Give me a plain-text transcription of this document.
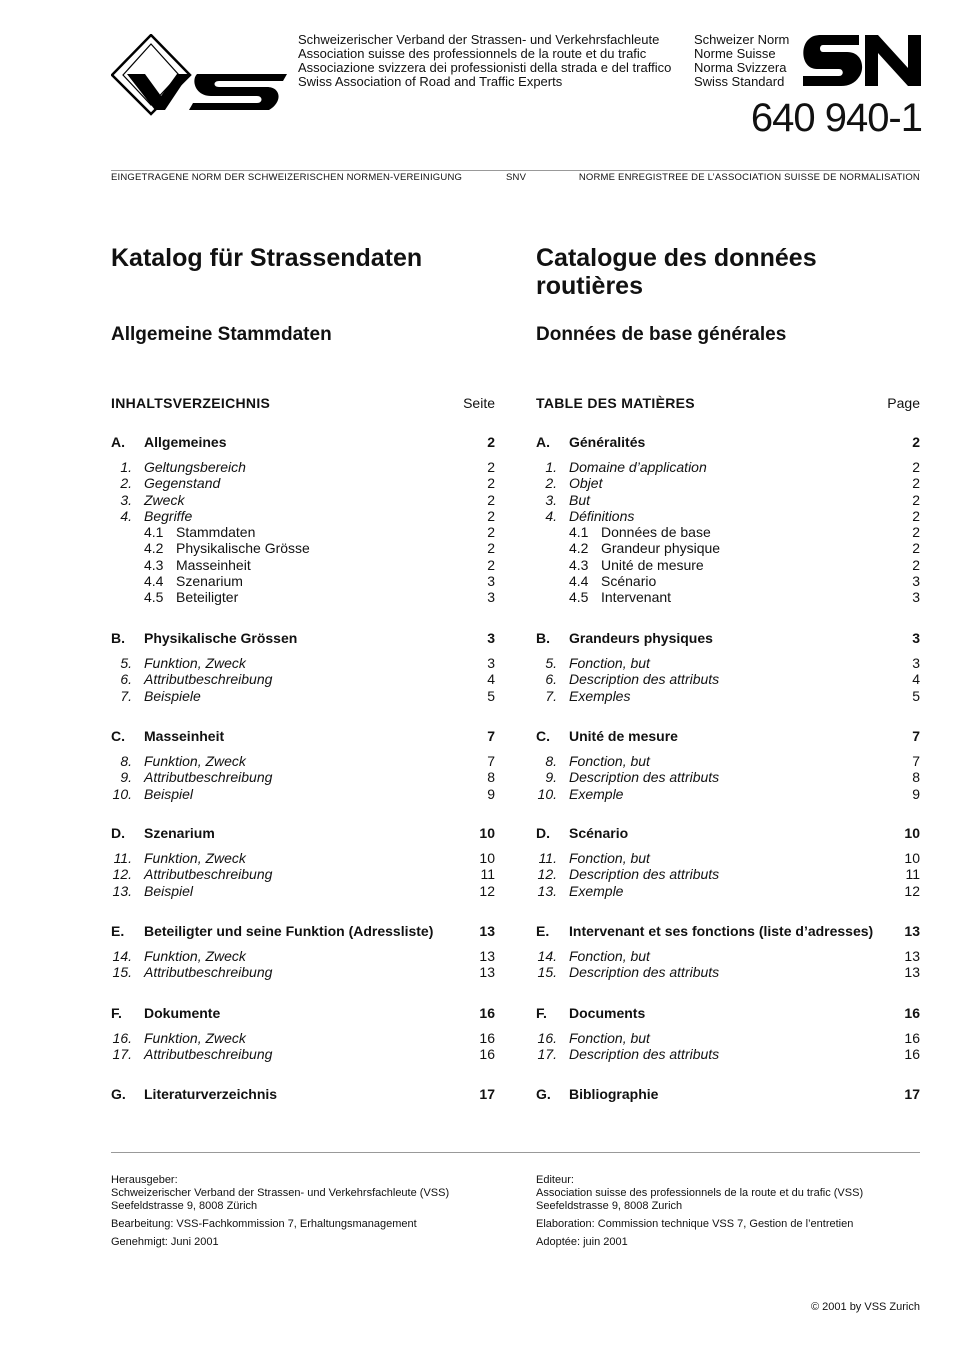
Schweizerischer Verband der Strassen- und Verkehrsfachleute
Association suisse des professionnels de la route et du trafic
Associazione svizzera dei professionisti della strada e del traffico
Swiss Association of Road and Traffic Experts
Schweizer Norm
Norme Suisse
Norma Svizzera
Swiss Standard
640 940-1
EINGETRAGENE NORM DER SCHWEIZERISCHEN NORMEN-VEREINIGUNG	SNV	NORME ENREGISTREE DE L’ASSOCIATION SUISSE DE NORMALISATION
Katalog für Strassendaten
Allgemeine Stammdaten
Catalogue des données routières
Données de base générales
INHALTSVERZEICHNIS	Seite	TABLE DES MATIÈRES	Page
A. Allgemeines	2
1. Geltungsbereich	2
2. Gegenstand	2
3. Zweck	2
4. Begriffe	2
4.1 Stammdaten	2
4.2 Physikalische Grösse	2
4.3 Masseinheit	2
4.4 Szenarium	3
4.5 Beteiligter	3
B. Physikalische Grössen	3
5. Funktion, Zweck	3
6. Attributbeschreibung	4
7. Beispiele	5
C. Masseinheit	7
8. Funktion, Zweck	7
9. Attributbeschreibung	8
10. Beispiel	9
D. Szenarium	10
11. Funktion, Zweck	10
12. Attributbeschreibung	11
13. Beispiel	12
E. Beteiligter und seine Funktion (Adressliste)	13
14. Funktion, Zweck	13
15. Attributbeschreibung	13
F. Dokumente	16
16. Funktion, Zweck	16
17. Attributbeschreibung	16
G. Literaturverzeichnis	17
A. Généralités	2
1. Domaine d’application	2
2. Objet	2
3. But	2
4. Définitions	2
4.1 Données de base	2
4.2 Grandeur physique	2
4.3 Unité de mesure	2
4.4 Scénario	3
4.5 Intervenant	3
B. Grandeurs physiques	3
5. Fonction, but	3
6. Description des attributs	4
7. Exemples	5
C. Unité de mesure	7
8. Fonction, but	7
9. Description des attributs	8
10. Exemple	9
D. Scénario	10
11. Fonction, but	10
12. Description des attributs	11
13. Exemple	12
E. Intervenant et ses fonctions (liste d’adresses) 13
14. Fonction, but	13
15. Description des attributs	13
F. Documents	16
16. Fonction, but	16
17. Description des attributs	16
G. Bibliographie	17

Herausgeber:

Schweizerischer Verband der Strassen- und Verkehrsfachleute (VSS)

Seefeldstrasse 9, 8008 Zürich

Bearbeitung: VSS-Fachkommission 7, Erhaltungsmanagement

Genehmigt: Juni 2001

Editeur:

Association suisse des professionnels de la route et du trafic (VSS)

Seefeldstrasse 9, 8008 Zurich

Elaboration: Commission technique VSS 7, Gestion de l’entretien

Adoptée: juin 2001

© 2001 by VSS Zurich
